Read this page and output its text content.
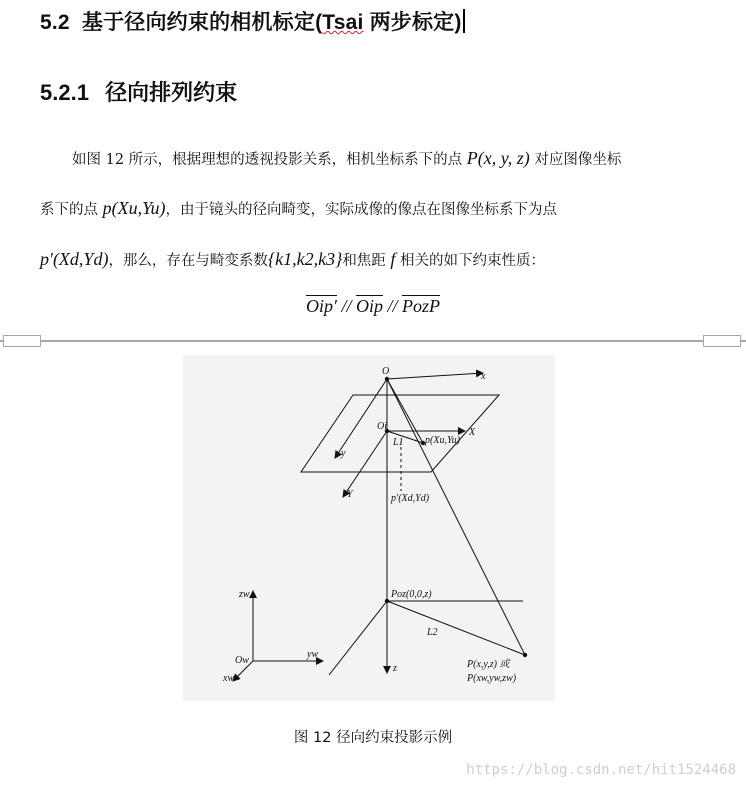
5.2 基于径向约束的相机标定(Tsai 两步标定)
5.2.1 径向排列约束
如图 12 所示，根据理想的透视投影关系，相机坐标系下的点 P(x, y, z) 对应图像坐标
系下的点 p(Xu,Yu)，由于镜头的径向畸变，实际成像的像点在图像坐标系下为点
p′(Xd,Yd)，那么，存在与畸变系数{k1,k2,k3}和焦距 f 相关的如下约束性质：
$Oip' // \overline{Oip}$ // PozP
O	x
Oi
X
L1 p(Xu,Yu)
y
Y	p′(Xd,Yd)
zw	Poz(0,0,z)
L2
Ow
yw
xw
z	P(x,y,z) 或
P(xw,yw,zw)
图 12 径向约束投影示例
https://blog.csdn.net/hit1524468
